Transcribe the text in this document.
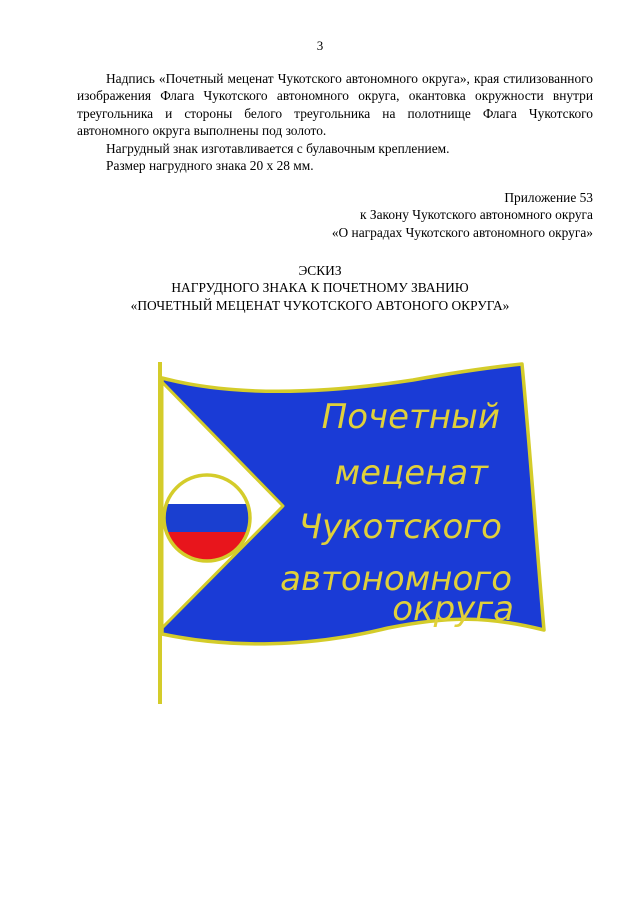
3

Надпись «Почетный меценат Чукотского автономного округа», края стилизованного изображения Флага Чукотского автономного округа, окантовка окружности внутри треугольника и стороны белого треугольника на полотнище Флага Чукотского автономного округа выполнены под золото.

Нагрудный знак изготавливается с булавочным креплением.

Размер нагрудного знака 20 х 28 мм.

Приложение 53
к Закону Чукотского автономного округа
«О наградах Чукотского автономного округа»
ЭСКИЗ
НАГРУДНОГО ЗНАКА К ПОЧЕТНОМУ ЗВАНИЮ
«ПОЧЕТНЫЙ МЕЦЕНАТ ЧУКОТСКОГО АВТОНОГО ОКРУГА»
Почетный
меценат
Чукотского
автономного
округа
